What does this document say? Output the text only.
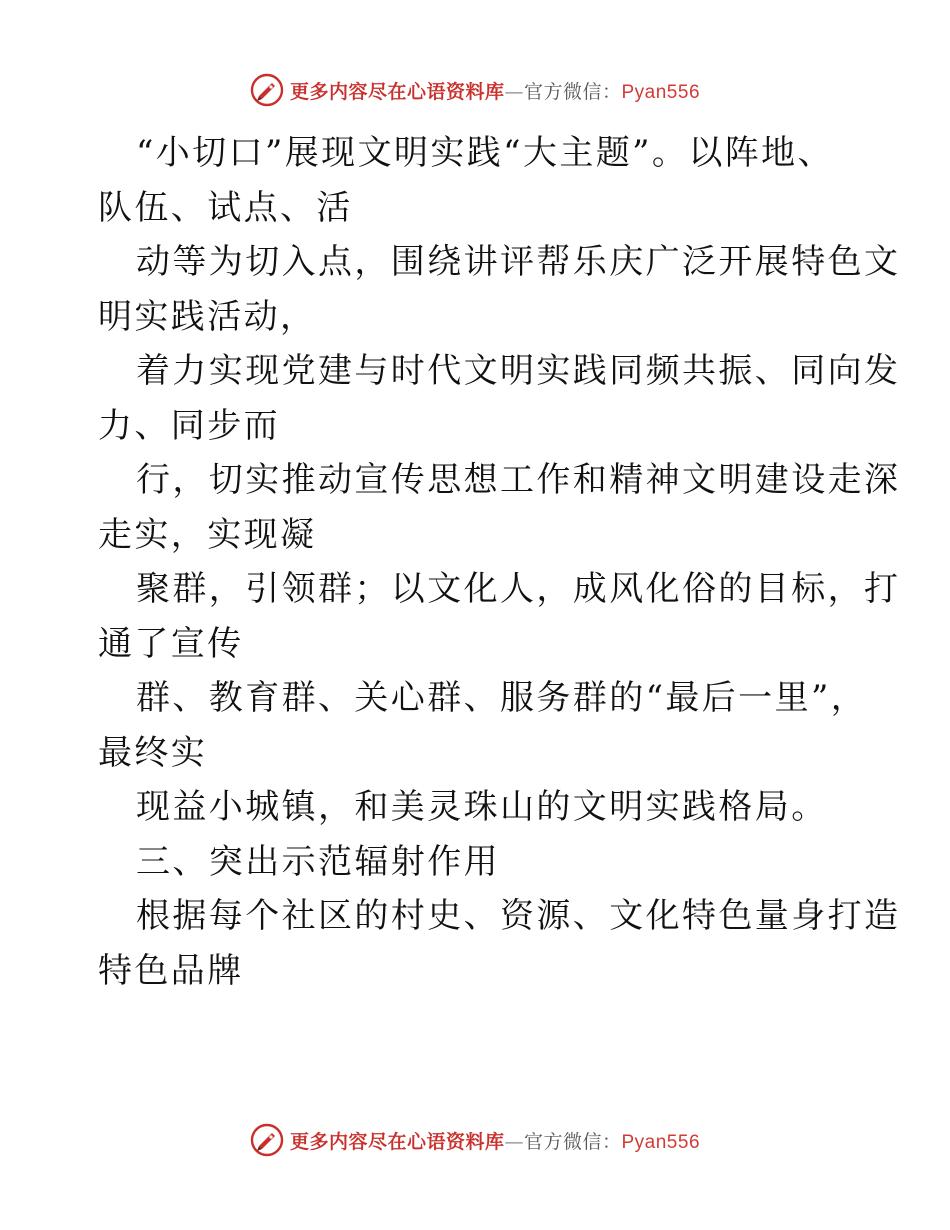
更多内容尽在心语资料库—官方微信：Pyan556
“小切口”展现文明实践“大主题”。以阵地、
队伍、试点、活
动等为切入点，围绕讲评帮乐庆广泛开展特色文
明实践活动，
着力实现党建与时代文明实践同频共振、同向发
力、同步而
行，切实推动宣传思想工作和精神文明建设走深
走实，实现凝
聚群，引领群；以文化人，成风化俗的目标，打
通了宣传
群、教育群、关心群、服务群的“最后一里”，
最终实
现益小城镇，和美灵珠山的文明实践格局。
三、突出示范辐射作用
根据每个社区的村史、资源、文化特色量身打造
特色品牌
更多内容尽在心语资料库—官方微信：Pyan556
